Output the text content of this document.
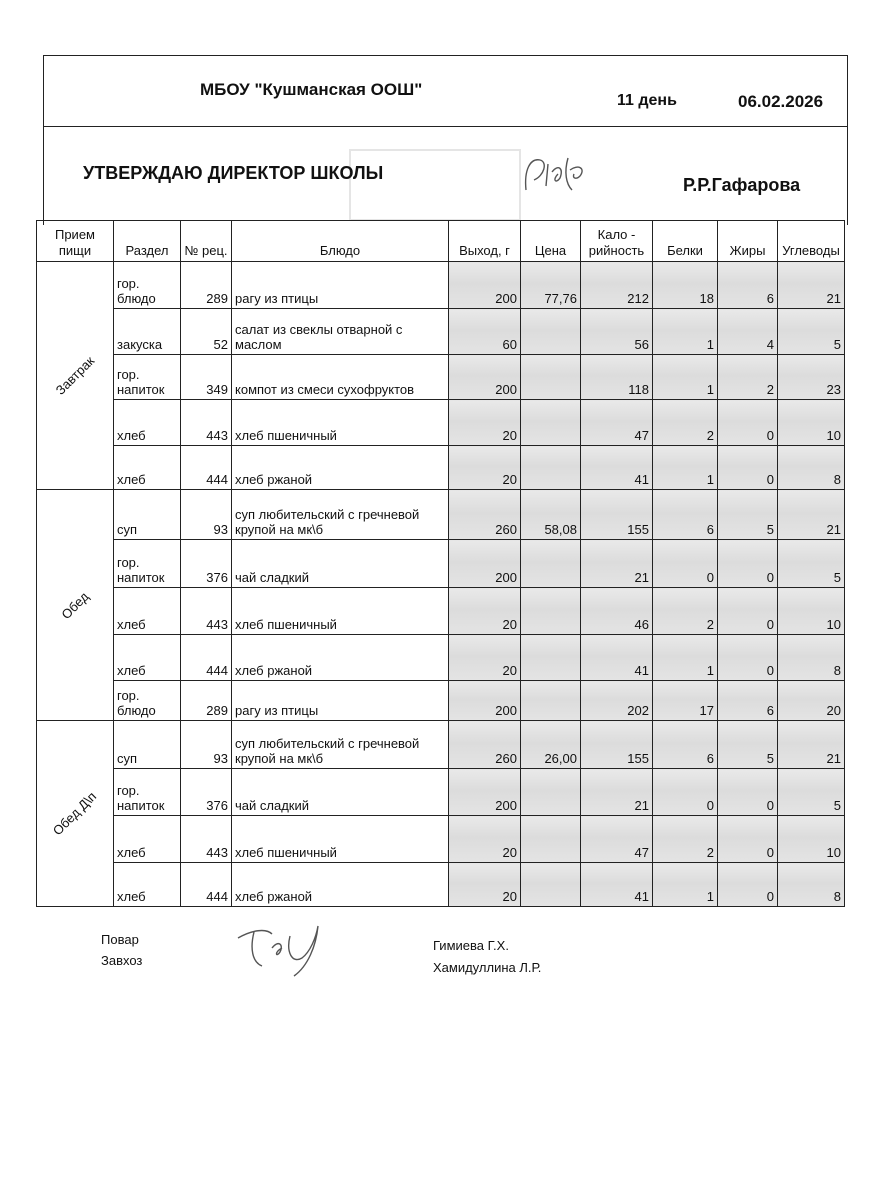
МБОУ "Кушманская ООШ"
11 день	06.02.2026
УТВЕРЖДАЮ ДИРЕКТОР ШКОЛЫ
Р.Р.Гафарова
Прием пищи	Раздел	№ рец.	Блюдо	Выход, г	Цена	Кало - рийность	Белки	Жиры	Углеводы
Завтрак	гор. блюдо	289	рагу из птицы	200	77,76	212	18	6	21
	закуска	52	салат из свеклы отварной с маслом	60		56	1	4	5
	гор. напиток	349	компот из смеси сухофруктов	200		118	1	2	23
	хлеб	443	хлеб пшеничный	20		47	2	0	10
	хлеб	444	хлеб ржаной	20		41	1	0	8
Обед	суп	93	суп любительский с гречневой крупой на мк\б	260	58,08	155	6	5	21
	гор. напиток	376	чай сладкий	200		21	0	0	5
	хлеб	443	хлеб пшеничный	20		46	2	0	10
	хлеб	444	хлеб ржаной	20		41	1	0	8
	гор. блюдо	289	рагу из птицы	200		202	17	6	20
Обед Д\п	суп	93	суп любительский с гречневой крупой на мк\б	260	26,00	155	6	5	21
	гор. напиток	376	чай сладкий	200		21	0	0	5
	хлеб	443	хлеб пшеничный	20		47	2	0	10
	хлеб	444	хлеб ржаной	20		41	1	0	8
Повар
Завхоз
Гимиева Г.Х.
Хамидуллина Л.Р.
